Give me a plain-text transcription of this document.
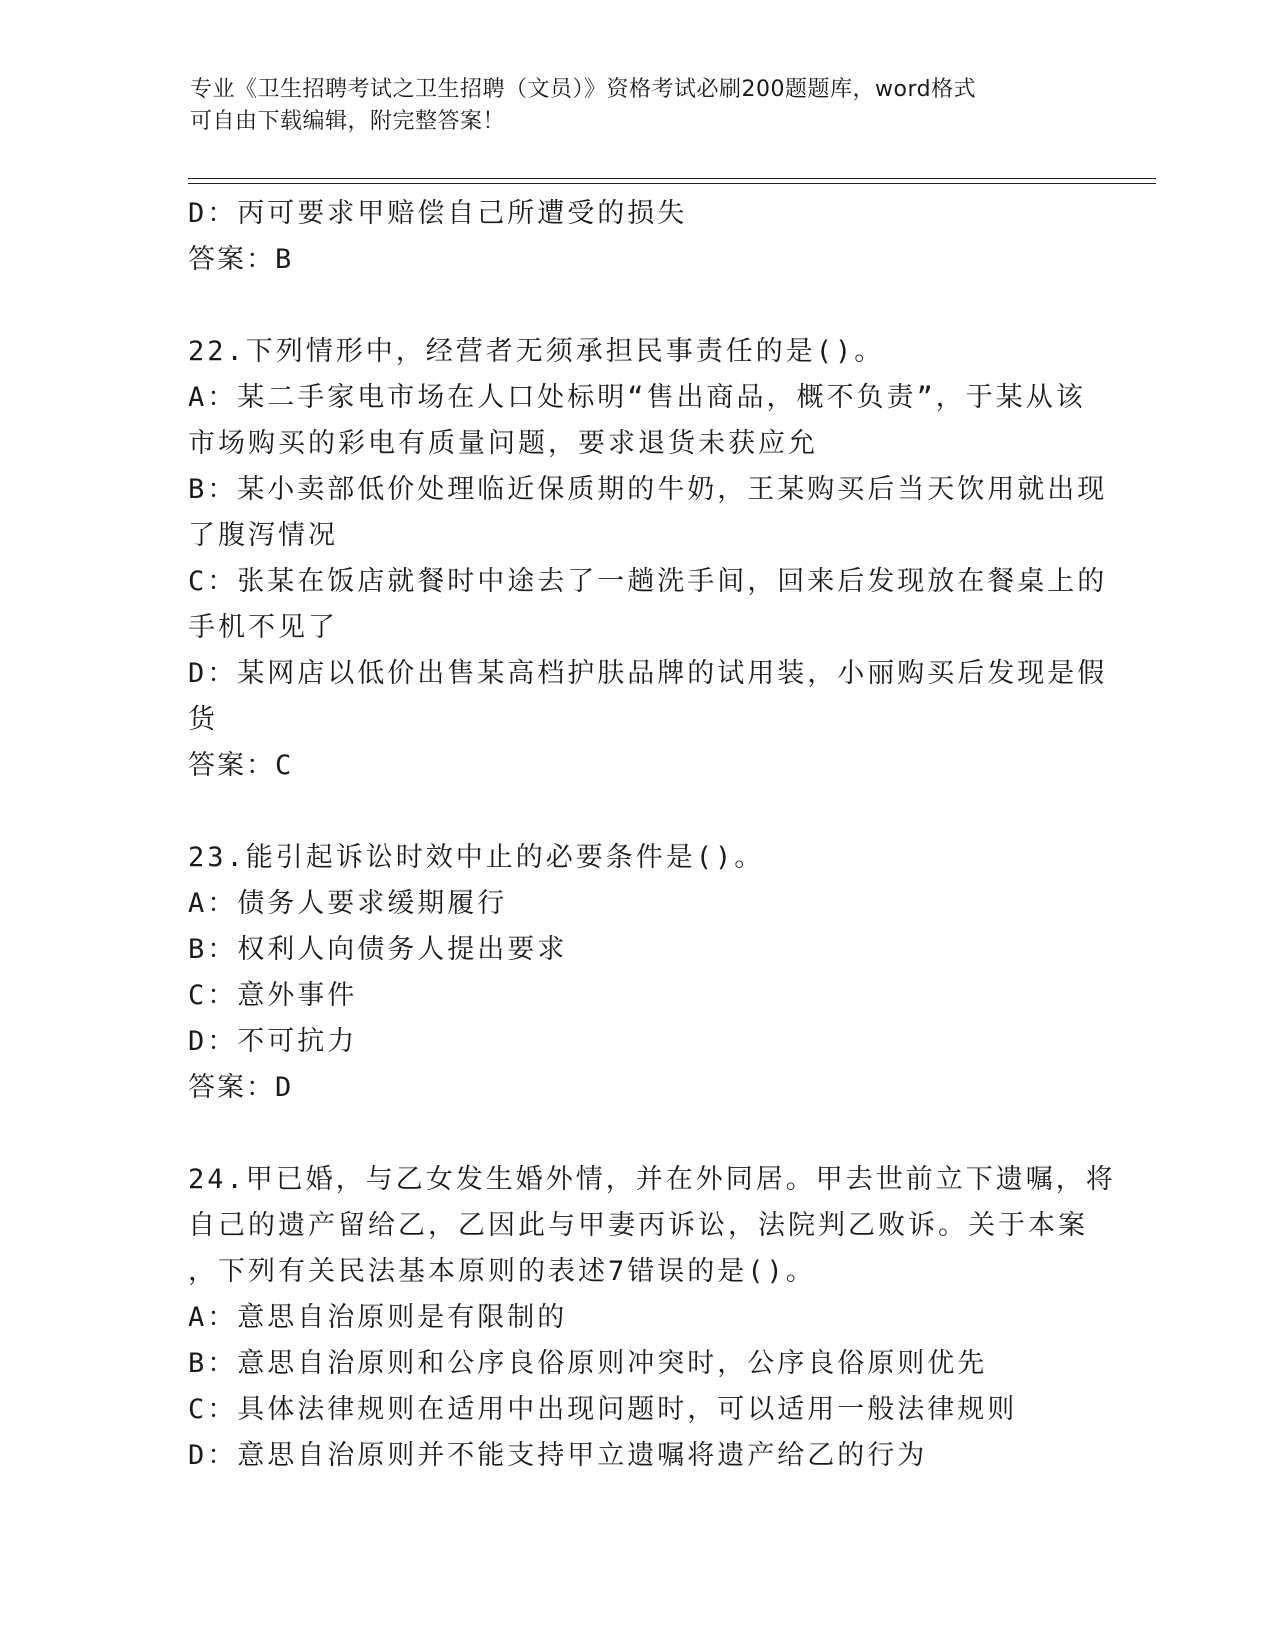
专业《卫生招聘考试之卫生招聘（文员）》资格考试必刷200题题库，word格式
可自由下载编辑，附完整答案！
D：丙可要求甲赔偿自己所遭受的损失
答案：B
22.下列情形中，经营者无须承担民事责任的是()。
A：某二手家电市场在人口处标明“售出商品，概不负责”，于某从该
市场购买的彩电有质量问题，要求退货未获应允
B：某小卖部低价处理临近保质期的牛奶，王某购买后当天饮用就出现
了腹泻情况
C：张某在饭店就餐时中途去了一趟洗手间，回来后发现放在餐桌上的
手机不见了
D：某网店以低价出售某高档护肤品牌的试用装，小丽购买后发现是假
货
答案：C
23.能引起诉讼时效中止的必要条件是()。
A：债务人要求缓期履行
B：权利人向债务人提出要求
C：意外事件
D：不可抗力
答案：D
24.甲已婚，与乙女发生婚外情，并在外同居。甲去世前立下遗嘱，将
自己的遗产留给乙，乙因此与甲妻丙诉讼，法院判乙败诉。关于本案
，下列有关民法基本原则的表述7错误的是()。
A：意思自治原则是有限制的
B：意思自治原则和公序良俗原则冲突时，公序良俗原则优先
C：具体法律规则在适用中出现问题时，可以适用一般法律规则
D：意思自治原则并不能支持甲立遗嘱将遗产给乙的行为
